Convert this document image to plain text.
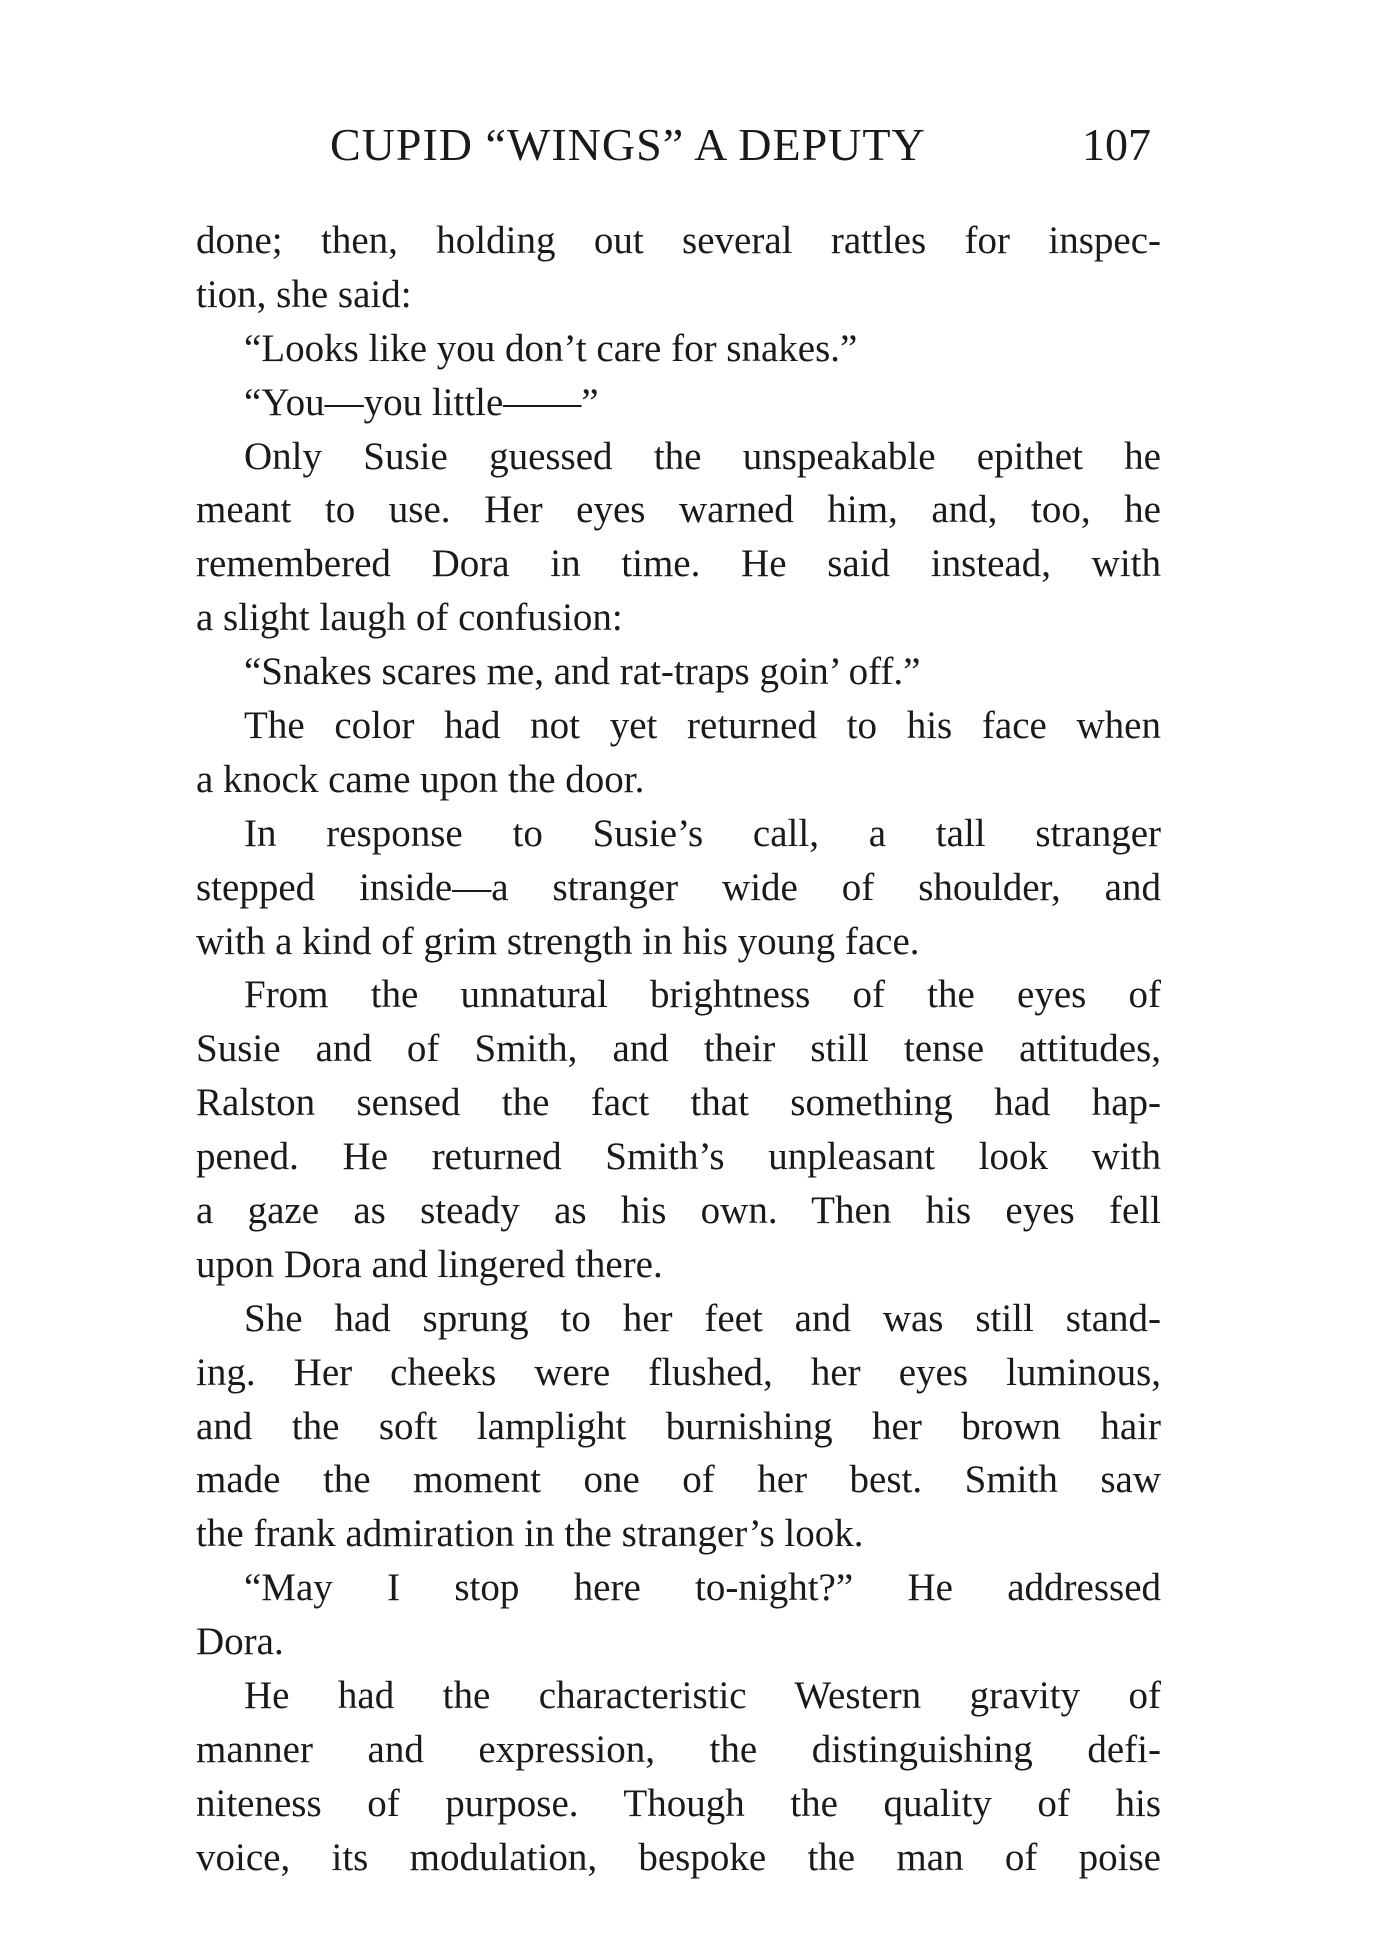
CUPID “WINGS” A DEPUTY	107
done; then, holding out several rattles for inspec-
tion, she said:
“Looks like you don’t care for snakes.”
“You—you little——”
Only Susie guessed the unspeakable epithet he
meant to use. Her eyes warned him, and, too, he
remembered Dora in time. He said instead, with
a slight laugh of confusion:
“Snakes scares me, and rat-traps goin’ off.”
The color had not yet returned to his face when
a knock came upon the door.
In response to Susie’s call, a tall stranger
stepped inside—a stranger wide of shoulder, and
with a kind of grim strength in his young face.
From the unnatural brightness of the eyes of
Susie and of Smith, and their still tense attitudes,
Ralston sensed the fact that something had hap-
pened. He returned Smith’s unpleasant look with
a gaze as steady as his own. Then his eyes fell
upon Dora and lingered there.
She had sprung to her feet and was still stand-
ing. Her cheeks were flushed, her eyes luminous,
and the soft lamplight burnishing her brown hair
made the moment one of her best. Smith saw
the frank admiration in the stranger’s look.
“May I stop here to-night?” He addressed
Dora.
He had the characteristic Western gravity of
manner and expression, the distinguishing defi-
niteness of purpose. Though the quality of his
voice, its modulation, bespoke the man of poise
